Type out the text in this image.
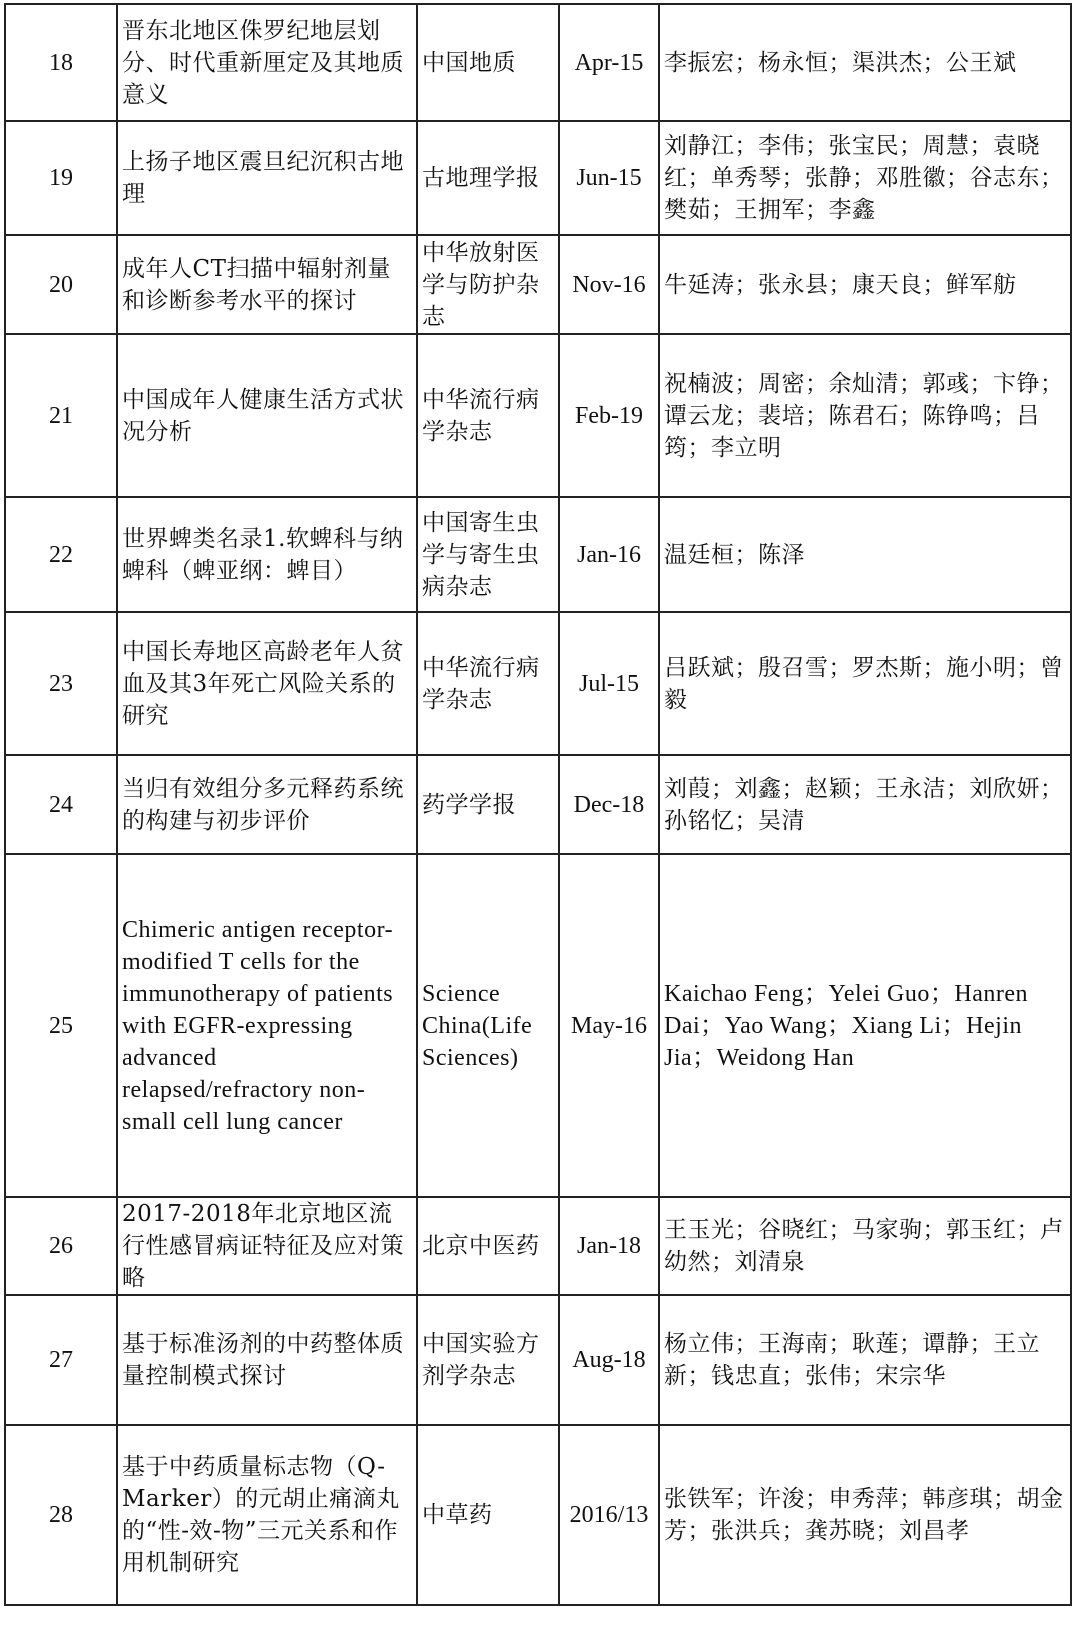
18	晋东北地区侏罗纪地层划分、时代重新厘定及其地质意义	中国地质	Apr-15	李振宏；杨永恒；渠洪杰；公王斌
19	上扬子地区震旦纪沉积古地理	古地理学报	Jun-15	刘静江；李伟；张宝民；周慧；袁晓红；单秀琴；张静；邓胜徽；谷志东；樊茹；王拥军；李鑫
20	成年人CT扫描中辐射剂量和诊断参考水平的探讨	中华放射医学与防护杂志	Nov-16	牛延涛；张永县；康天良；鲜军舫
21	中国成年人健康生活方式状况分析	中华流行病学杂志	Feb-19	祝楠波；周密；余灿清；郭彧；卞铮；谭云龙；裴培；陈君石；陈铮鸣；吕筠；李立明
22	世界蜱类名录1.软蜱科与纳蜱科（蜱亚纲：蜱目）	中国寄生虫学与寄生虫病杂志	Jan-16	温廷桓；陈泽
23	中国长寿地区高龄老年人贫血及其3年死亡风险关系的研究	中华流行病学杂志	Jul-15	吕跃斌；殷召雪；罗杰斯；施小明；曾毅
24	当归有效组分多元释药系统的构建与初步评价	药学学报	Dec-18	刘葭；刘鑫；赵颖；王永洁；刘欣妍；孙铭忆；吴清
25	Chimeric antigen receptor-modified T cells for the immunotherapy of patients with EGFR-expressing advanced relapsed/refractory non-small cell lung cancer	Science China(Life Sciences)	May-16	Kaichao Feng；Yelei Guo；Hanren Dai；Yao Wang；Xiang Li；Hejin Jia；Weidong Han
26	2017-2018年北京地区流行性感冒病证特征及应对策略	北京中医药	Jan-18	王玉光；谷晓红；马家驹；郭玉红；卢幼然；刘清泉
27	基于标准汤剂的中药整体质量控制模式探讨	中国实验方剂学杂志	Aug-18	杨立伟；王海南；耿莲；谭静；王立新；钱忠直；张伟；宋宗华
28	基于中药质量标志物（Q-Marker）的元胡止痛滴丸的“性-效-物”三元关系和作用机制研究	中草药	2016/13	张铁军；许浚；申秀萍；韩彦琪；胡金芳；张洪兵；龚苏晓；刘昌孝
